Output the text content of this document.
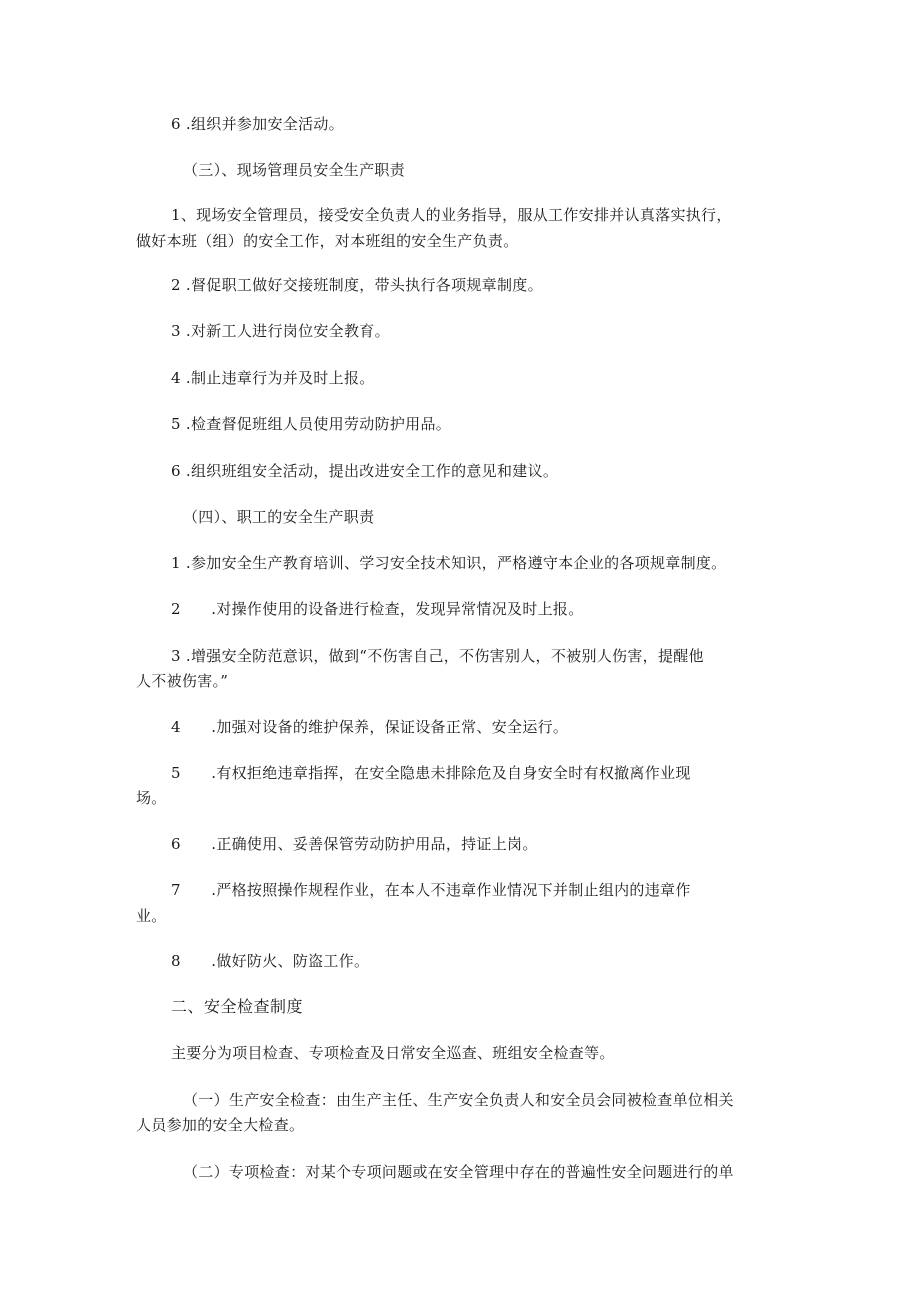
6 .组织并参加安全活动。
（三）、现场管理员安全生产职责
1、现场安全管理员，接受安全负责人的业务指导，服从工作安排并认真落实执行，
做好本班（组）的安全工作，对本班组的安全生产负责。
2 .督促职工做好交接班制度，带头执行各项规章制度。
3 .对新工人进行岗位安全教育。
4 .制止违章行为并及时上报。
5 .检查督促班组人员使用劳动防护用品。
6 .组织班组安全活动，提出改进安全工作的意见和建议。
（四）、职工的安全生产职责
1 .参加安全生产教育培训、学习安全技术知识，严格遵守本企业的各项规章制度。
2      .对操作使用的设备进行检查，发现异常情况及时上报。
3 .增强安全防范意识，做到“不伤害自己，不伤害别人，不被别人伤害，提醒他
人不被伤害。”
4      .加强对设备的维护保养，保证设备正常、安全运行。
5      .有权拒绝违章指挥，在安全隐患未排除危及自身安全时有权撤离作业现
场。
6      .正确使用、妥善保管劳动防护用品，持证上岗。
7      .严格按照操作规程作业，在本人不违章作业情况下并制止组内的违章作
业。
8      .做好防火、防盗工作。
二、安全检查制度
主要分为项目检查、专项检查及日常安全巡查、班组安全检查等。
（一）生产安全检查：由生产主任、生产安全负责人和安全员会同被检查单位相关
人员参加的安全大检查。
（二）专项检查：对某个专项问题或在安全管理中存在的普遍性安全问题进行的单
